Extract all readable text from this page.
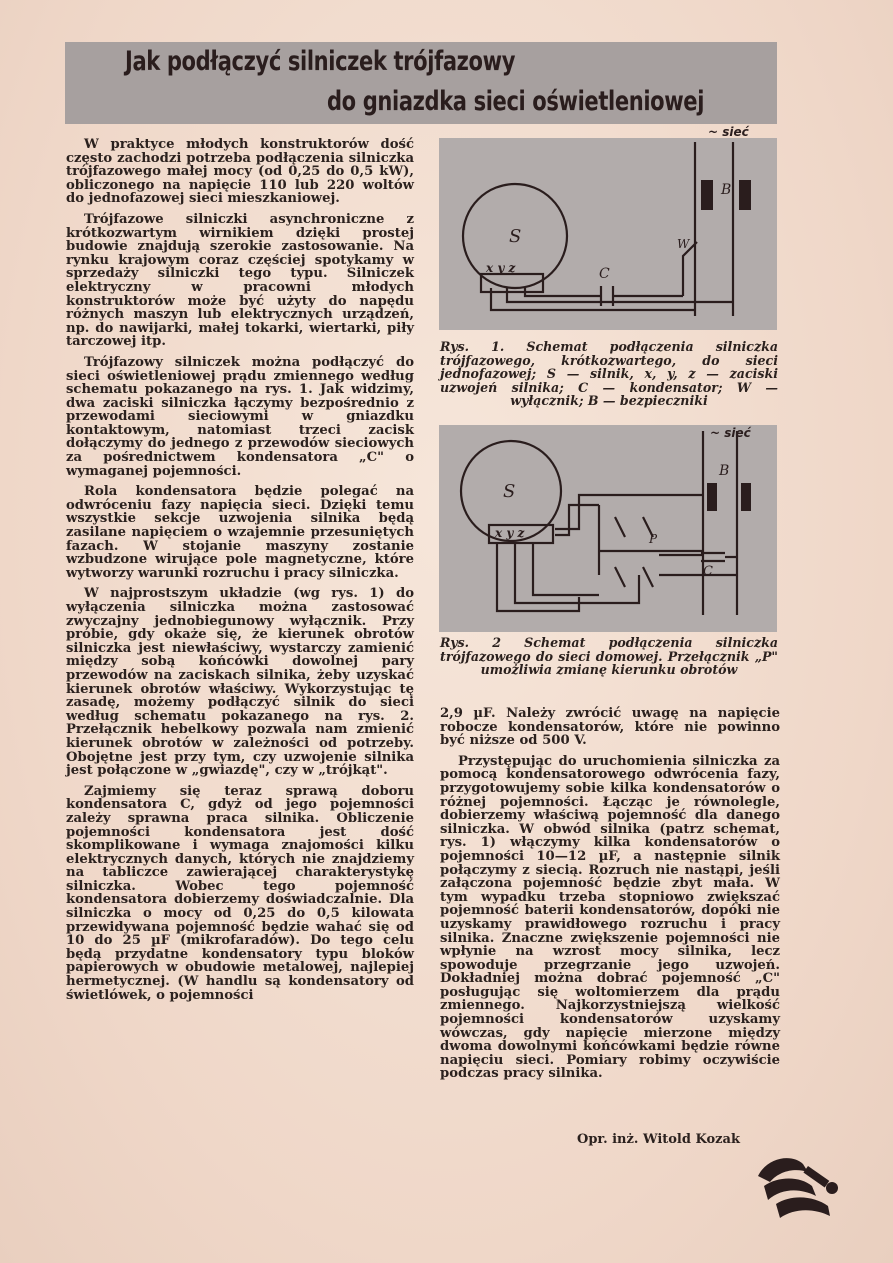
Jak podłączyć silniczek trójfazowy
do gniazdka sieci oświetleniowej

W praktyce młodych konstruktorów dość często zachodzi potrzeba podłączenia silniczka trójfazowego małej mocy (od 0,25 do 0,5 kW), obliczonego na napięcie 110 lub 220 woltów do jednofazowej sieci mieszkaniowej.

Trójfazowe silniczki asynchroniczne z krótkozwartym wirnikiem dzięki prostej budowie znajdują szerokie zastosowanie. Na rynku krajowym coraz częściej spotykamy w sprzedaży silniczki tego typu. Silniczek elektryczny w pracowni młodych konstruktorów może być użyty do napędu różnych maszyn lub elektrycznych urządzeń, np. do nawijarki, małej tokarki, wiertarki, piły tarczowej itp.

Trójfazowy silniczek można podłączyć do sieci oświetleniowej prądu zmiennego według schematu pokazanego na rys. 1. Jak widzimy, dwa zaciski silniczka łączymy bezpośrednio z przewodami sieciowymi w gniazdku kontaktowym, natomiast trzeci zacisk dołączymy do jednego z przewodów sieciowych za pośrednictwem kondensatora „C" o wymaganej pojemności.

Rola kondensatora będzie polegać na odwróceniu fazy napięcia sieci. Dzięki temu wszystkie sekcje uzwojenia silnika będą zasilane napięciem o wzajemnie przesuniętych fazach. W stojanie maszyny zostanie wzbudzone wirujące pole magnetyczne, które wytworzy warunki rozruchu i pracy silniczka.

W najprostszym układzie (wg rys. 1) do wyłączenia silniczka można zastosować zwyczajny jednobiegunowy wyłącznik. Przy próbie, gdy okaże się, że kierunek obrotów silniczka jest niewłaściwy, wystarczy zamienić między sobą końcówki dowolnej pary przewodów na zaciskach silnika, żeby uzyskać kierunek obrotów właściwy. Wykorzystując tę zasadę, możemy podłączyć silnik do sieci według schematu pokazanego na rys. 2. Przełącznik hebelkowy pozwala nam zmienić kierunek obrotów w zależności od potrzeby. Obojętne jest przy tym, czy uzwojenie silnika jest połączone w „gwiazdę", czy w „trójkąt".

Zajmiemy się teraz sprawą doboru kondensatora C, gdyż od jego pojemności zależy sprawna praca silnika. Obliczenie pojemności kondensatora jest dość skomplikowane i wymaga znajomości kilku elektrycznych danych, których nie znajdziemy na tabliczce zawierającej charakterystykę silniczka. Wobec tego pojemność kondensatora dobierzemy doświadczalnie. Dla silniczka o mocy od 0,25 do 0,5 kilowata przewidywana pojemność będzie wahać się od 10 do 25 µF (mikrofaradów). Do tego celu będą przydatne kondensatory typu bloków papierowych w obudowie metalowej, najlepiej hermetycznej. (W handlu są kondensatory od świetlówek, o pojemności

S
x y z	C
W
B
~ sieć
Rys. 1. Schemat podłączenia silniczka trójfazowego, krótkozwartego, do sieci jednofazowej; S — silnik, x, y, z — zaciski uzwojeń silnika; C — kondensator; W — wyłącznik; B — bezpieczniki
S
x y z	P
C
B
~ sieć
Rys. 2 Schemat podłączenia silniczka trójfazowego do sieci domowej. Przełącznik „P" umożliwia zmianę kierunku obrotów

2,9 µF. Należy zwrócić uwagę na napięcie robocze kondensatorów, które nie powinno być niższe od 500 V.

Przystępując do uruchomienia silniczka za pomocą kondensatorowego odwrócenia fazy, przygotowujemy sobie kilka kondensatorów o różnej pojemności. Łącząc je równolegle, dobierzemy właściwą pojemność dla danego silniczka. W obwód silnika (patrz schemat, rys. 1) włączymy kilka kondensatorów o pojemności 10—12 µF, a następnie silnik połączymy z siecią. Rozruch nie nastąpi, jeśli załączona pojemność będzie zbyt mała. W tym wypadku trzeba stopniowo zwiększać pojemność baterii kondensatorów, dopóki nie uzyskamy prawidłowego rozruchu i pracy silnika. Znaczne zwiększenie pojemności nie wpłynie na wzrost mocy silnika, lecz spowoduje przegrzanie jego uzwojeń. Dokładniej można dobrać pojemność „C" posługując się woltomierzem dla prądu zmiennego. Najkorzystniejszą wielkość pojemności kondensatorów uzyskamy wówczas, gdy napięcie mierzone między dwoma dowolnymi końcówkami będzie równe napięciu sieci. Pomiary robimy oczywiście podczas pracy silnika.

Opr. inż. Witold Kozak
